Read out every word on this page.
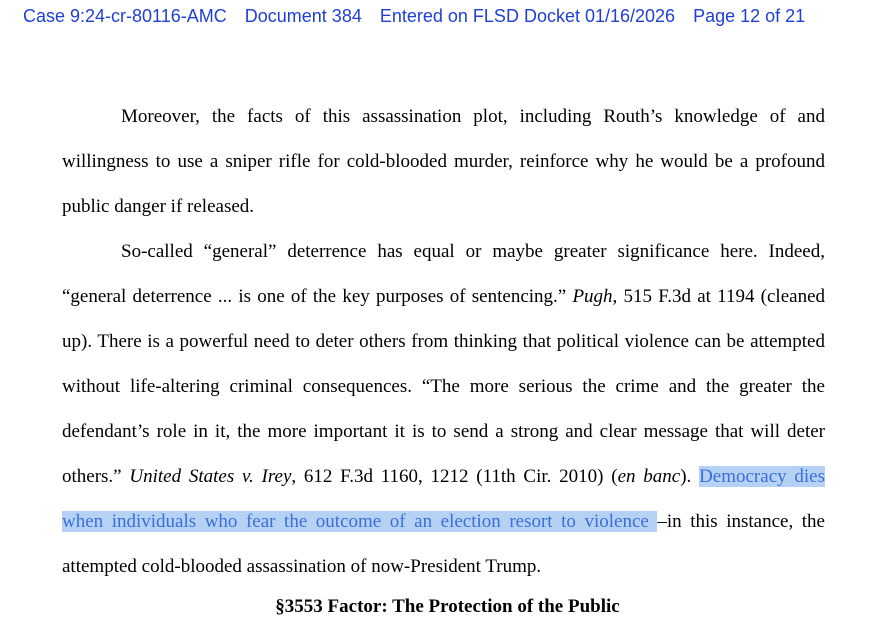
Case 9:24-cr-80116-AMC Document 384 Entered on FLSD Docket 01/16/2026 Page 12 of 21

Moreover, the facts of this assassination plot, including Routh’s knowledge of and willingness to use a sniper rifle for cold-blooded murder, reinforce why he would be a profound public danger if released.

So-called “general” deterrence has equal or maybe greater significance here. Indeed, “general deterrence ... is one of the key purposes of sentencing.” Pugh, 515 F.3d at 1194 (cleaned up). There is a powerful need to deter others from thinking that political violence can be attempted without life-altering criminal consequences. “The more serious the crime and the greater the defendant’s role in it, the more important it is to send a strong and clear message that will deter others.” United States v. Irey, 612 F.3d 1160, 1212 (11th Cir. 2010) (en banc). Democracy dies when individuals who fear the outcome of an election resort to violence –in this instance, the attempted cold-blooded assassination of now-President Trump.

§3553 Factor: The Protection of the Public
